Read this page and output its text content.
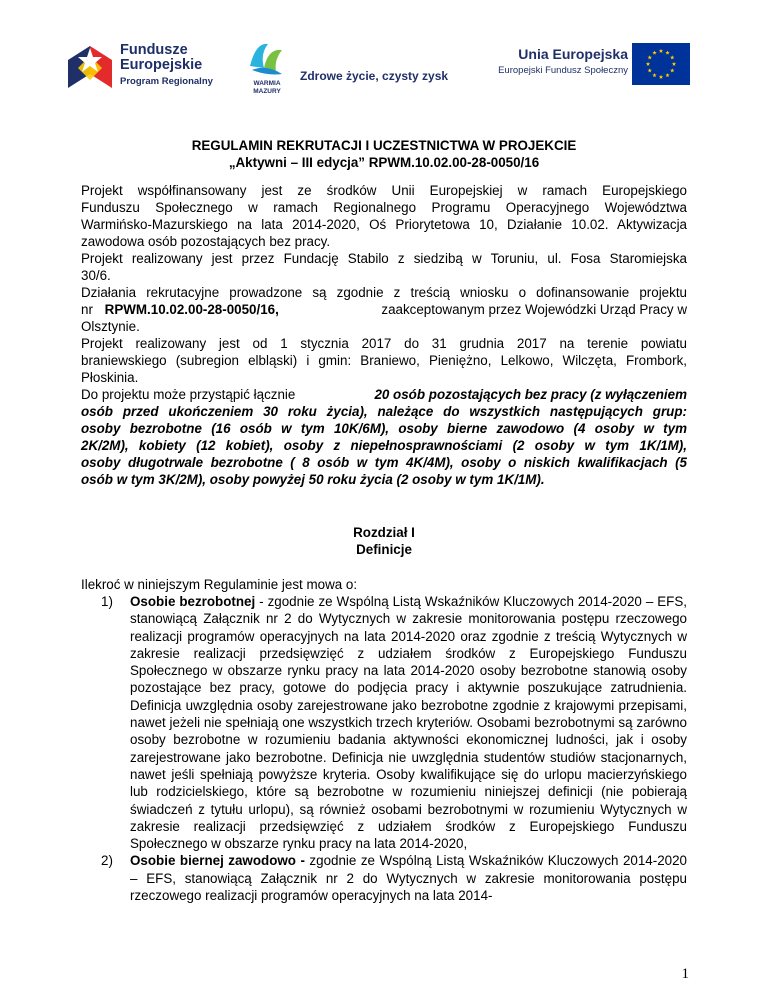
Fundusze
Europejskie
Program Regionalny	WARMIA
MAZURY
Zdrowe życie, czysty zysk
Unia Europejska
Europejski Fundusz Społeczny
REGULAMIN REKRUTACJI I UCZESTNICTWA W PROJEKCIE
„Aktywni – III edycja” RPWM.10.02.00-28-0050/16
Projekt współfinansowany jest ze środków Unii Europejskiej w ramach Europejskiego
Funduszu Społecznego w ramach Regionalnego Programu Operacyjnego Województwa
Warmińsko-Mazurskiego na lata 2014-2020, Oś Priorytetowa 10, Działanie 10.02. Aktywizacja
zawodowa osób pozostających bez pracy.
Projekt realizowany jest przez Fundację Stabilo z siedzibą w Toruniu, ul. Fosa Staromiejska
30/6.
Działania rekrutacyjne prowadzone są zgodnie z treścią wniosku o dofinansowanie projektu
nr RPWM.10.02.00-28-0050/16,	zaakceptowanym przez Wojewódzki Urząd Pracy w
Olsztynie.
Projekt realizowany jest od 1 stycznia 2017 do 31 grudnia 2017 na terenie powiatu
braniewskiego (subregion elbląski) i gmin: Braniewo, Pieniężno, Lelkowo, Wilczęta, Frombork,
Płoskinia.
Do projektu może przystąpić łącznie	20 osób pozostających bez pracy (z wyłączeniem
osób przed ukończeniem 30 roku życia), należące do wszystkich następujących grup:
osoby bezrobotne (16 osób w tym 10K/6M), osoby bierne zawodowo (4 osoby w tym
2K/2M), kobiety (12 kobiet), osoby z niepełnosprawnościami (2 osoby w tym 1K/1M),
osoby długotrwale bezrobotne ( 8 osób w tym 4K/4M), osoby o niskich kwalifikacjach (5
osób w tym 3K/2M), osoby powyżej 50 roku życia (2 osoby w tym 1K/1M).
Rozdział I
Definicje
Ilekroć w niniejszym Regulaminie jest mowa o:
1) Osobie bezrobotnej - zgodnie ze Wspólną Listą Wskaźników Kluczowych 2014-2020 – EFS, stanowiącą Załącznik nr 2 do Wytycznych w zakresie monitorowania postępu rzeczowego realizacji programów operacyjnych na lata 2014-2020 oraz zgodnie z treścią Wytycznych w zakresie realizacji przedsięwzięć z udziałem środków z Europejskiego Funduszu Społecznego w obszarze rynku pracy na lata 2014-2020 osoby bezrobotne stanowią osoby pozostające bez pracy, gotowe do podjęcia pracy i aktywnie poszukujące zatrudnienia. Definicja uwzględnia osoby zarejestrowane jako bezrobotne zgodnie z krajowymi przepisami, nawet jeżeli nie spełniają one wszystkich trzech kryteriów. Osobami bezrobotnymi są zarówno osoby bezrobotne w rozumieniu badania aktywności ekonomicznej ludności, jak i osoby zarejestrowane jako bezrobotne. Definicja nie uwzględnia studentów studiów stacjonarnych, nawet jeśli spełniają powyższe kryteria. Osoby kwalifikujące się do urlopu macierzyńskiego lub rodzicielskiego, które są bezrobotne w rozumieniu niniejszej definicji (nie pobierają świadczeń z tytułu urlopu), są również osobami bezrobotnymi w rozumieniu Wytycznych w zakresie realizacji przedsięwzięć z udziałem środków z Europejskiego Funduszu Społecznego w obszarze rynku pracy na lata 2014-2020,

2) Osobie biernej zawodowo - zgodnie ze Wspólną Listą Wskaźników Kluczowych 2014-2020 – EFS, stanowiącą Załącznik nr 2 do Wytycznych w zakresie monitorowania postępu rzeczowego realizacji programów operacyjnych na lata 2014-

1
